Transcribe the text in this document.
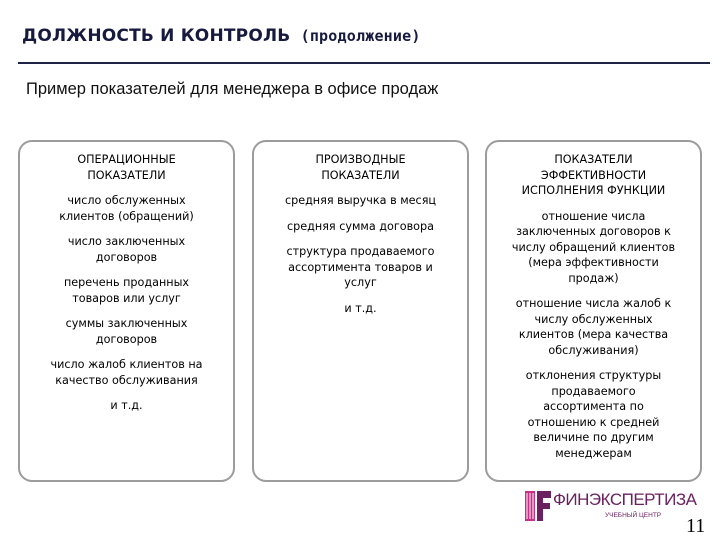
ДОЛЖНОСТЬ И КОНТРОЛЬ (продолжение)
Пример показателей для менеджера в офисе продаж
ОПЕРАЦИОННЫЕ
ПОКАЗАТЕЛИ
число обслуженных
клиентов (обращений)
число заключенных
договоров
перечень проданных
товаров или услуг
суммы заключенных
договоров
число жалоб клиентов на
качество обслуживания
и т.д.
ПРОИЗВОДНЫЕ
ПОКАЗАТЕЛИ
средняя выручка в месяц
средняя сумма договора
структура продаваемого
ассортимента товаров и
услуг
и т.д.
ПОКАЗАТЕЛИ
ЭФФЕКТИВНОСТИ
ИСПОЛНЕНИЯ ФУНКЦИИ
отношение числа
заключенных договоров к
числу обращений клиентов
(мера эффективности
продаж)
отношение числа жалоб к
числу обслуженных
клиентов (мера качества
обслуживания)
отклонения структуры
продаваемого
ассортимента по
отношению к средней
величине по другим
менеджерам
ФИНЭКСПЕРТИЗА
УЧЕБНЫЙ ЦЕНТР 11
